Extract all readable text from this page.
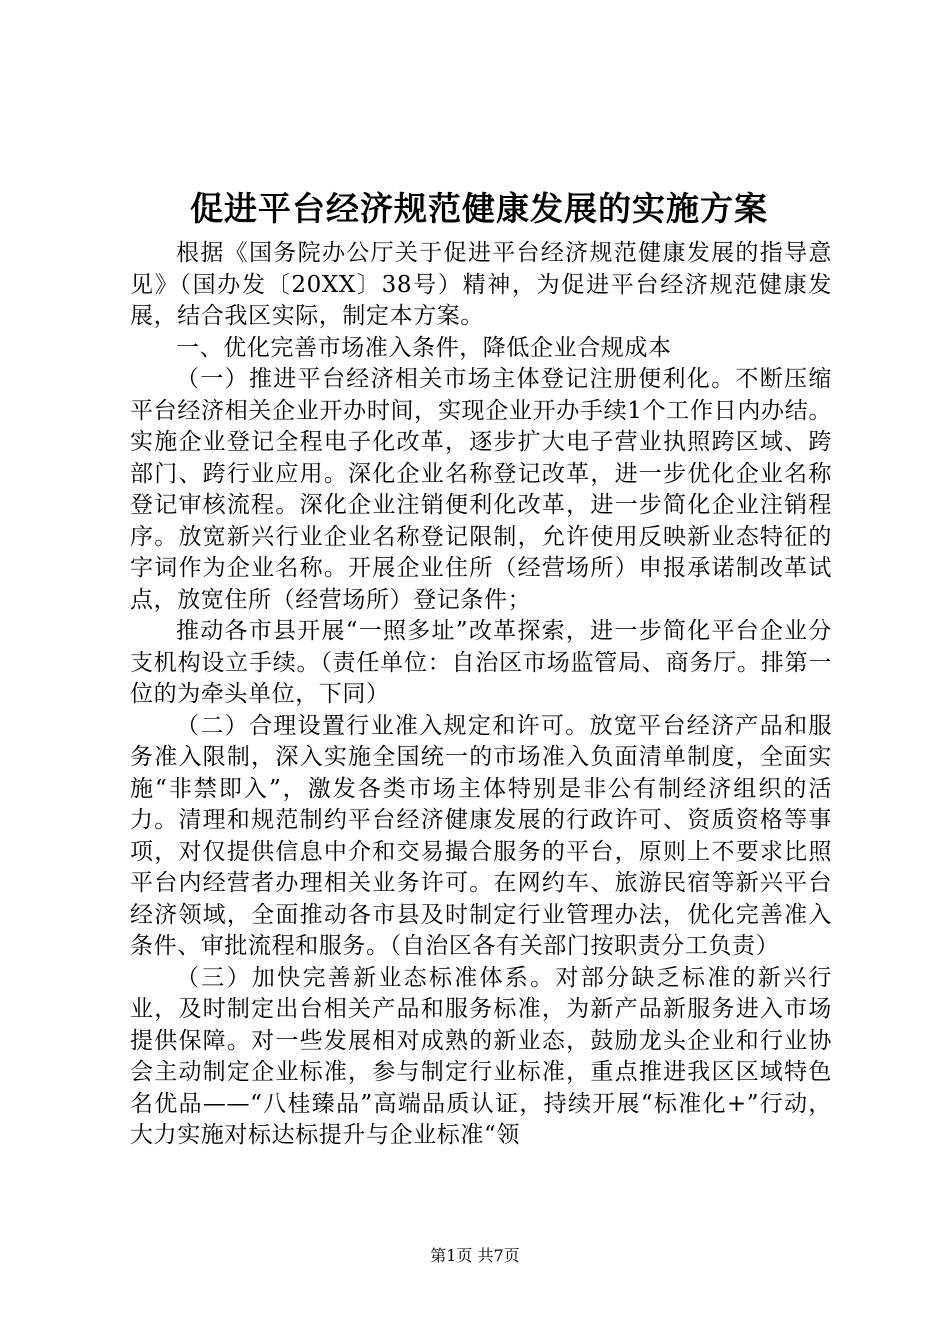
促进平台经济规范健康发展的实施方案

根据《国务院办公厅关于促进平台经济规范健康发展的指导意见》（国办发〔20XX〕38号）精神，为促进平台经济规范健康发展，结合我区实际，制定本方案。

一、优化完善市场准入条件，降低企业合规成本

（一）推进平台经济相关市场主体登记注册便利化。不断压缩平台经济相关企业开办时间，实现企业开办手续1个工作日内办结。实施企业登记全程电子化改革，逐步扩大电子营业执照跨区域、跨部门、跨行业应用。深化企业名称登记改革，进一步优化企业名称登记审核流程。深化企业注销便利化改革，进一步简化企业注销程序。放宽新兴行业企业名称登记限制，允许使用反映新业态特征的字词作为企业名称。开展企业住所（经营场所）申报承诺制改革试点，放宽住所（经营场所）登记条件；

推动各市县开展“一照多址”改革探索，进一步简化平台企业分支机构设立手续。（责任单位：自治区市场监管局、商务厅。排第一位的为牵头单位，下同）

（二）合理设置行业准入规定和许可。放宽平台经济产品和服务准入限制，深入实施全国统一的市场准入负面清单制度，全面实施“非禁即入”，激发各类市场主体特别是非公有制经济组织的活力。清理和规范制约平台经济健康发展的行政许可、资质资格等事项，对仅提供信息中介和交易撮合服务的平台，原则上不要求比照平台内经营者办理相关业务许可。在网约车、旅游民宿等新兴平台经济领域，全面推动各市县及时制定行业管理办法，优化完善准入条件、审批流程和服务。（自治区各有关部门按职责分工负责）

（三）加快完善新业态标准体系。对部分缺乏标准的新兴行业，及时制定出台相关产品和服务标准，为新产品新服务进入市场提供保障。对一些发展相对成熟的新业态，鼓励龙头企业和行业协会主动制定企业标准，参与制定行业标准，重点推进我区区域特色名优品——“八桂臻品”高端品质认证，持续开展“标准化+”行动，大力实施对标达标提升与企业标准“领

第1页 共7页
